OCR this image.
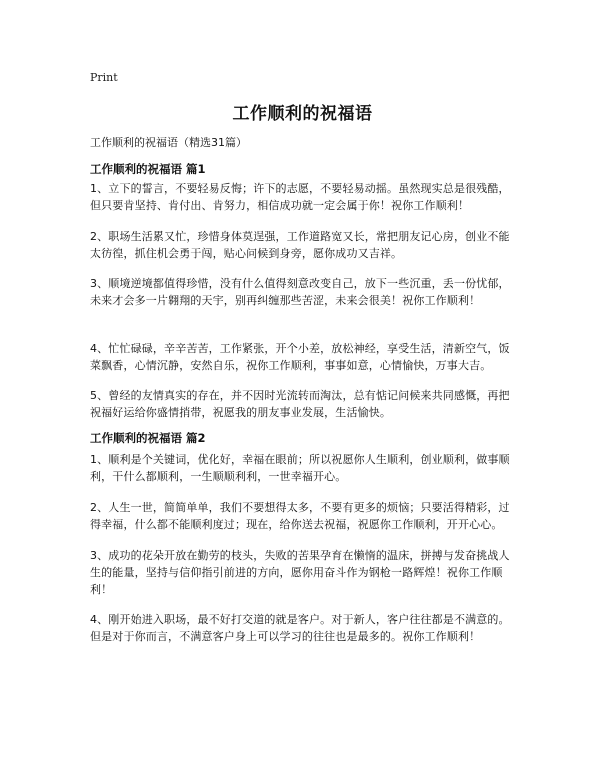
Print
工作顺利的祝福语
工作顺利的祝福语（精选31篇）
工作顺利的祝福语 篇1
1、立下的誓言，不要轻易反悔；许下的志愿，不要轻易动摇。虽然现实总是很残酷，但只要肯坚持、肯付出、肯努力，相信成功就一定会属于你！祝你工作顺利！
2、职场生活累又忙，珍惜身体莫逞强，工作道路宽又长，常把朋友记心房，创业不能太彷徨，抓住机会勇于闯，贴心问候到身旁，愿你成功又吉祥。
3、顺境逆境都值得珍惜，没有什么值得刻意改变自己，放下一些沉重，丢一份忧郁，未来才会多一片翱翔的天宇，别再纠缠那些苦涩，未来会很美！祝你工作顺利！
4、忙忙碌碌，辛辛苦苦，工作紧张，开个小差，放松神经，享受生活，清新空气，饭菜飘香，心情沉静，安然自乐，祝你工作顺利，事事如意，心情愉快，万事大吉。
5、曾经的友情真实的存在，并不因时光流转而淘汰，总有惦记问候来共同感慨，再把祝福好运给你盛情捎带，祝愿我的朋友事业发展，生活愉快。
工作顺利的祝福语 篇2
1、顺利是个关键词，优化好，幸福在眼前；所以祝愿你人生顺利，创业顺利，做事顺利，干什么都顺利，一生顺顺利利，一世幸福开心。
2、人生一世，简简单单，我们不要想得太多，不要有更多的烦恼；只要活得精彩，过得幸福，什么都不能顺利度过；现在，给你送去祝福，祝愿你工作顺利，开开心心。
3、成功的花朵开放在勤劳的枝头，失败的苦果孕育在懒惰的温床，拼搏与发奋挑战人生的能量，坚持与信仰指引前进的方向，愿你用奋斗作为钢枪一路辉煌！祝你工作顺利！
4、刚开始进入职场，最不好打交道的就是客户。对于新人，客户往往都是不满意的。但是对于你而言，不满意客户身上可以学习的往往也是最多的。祝你工作顺利！
